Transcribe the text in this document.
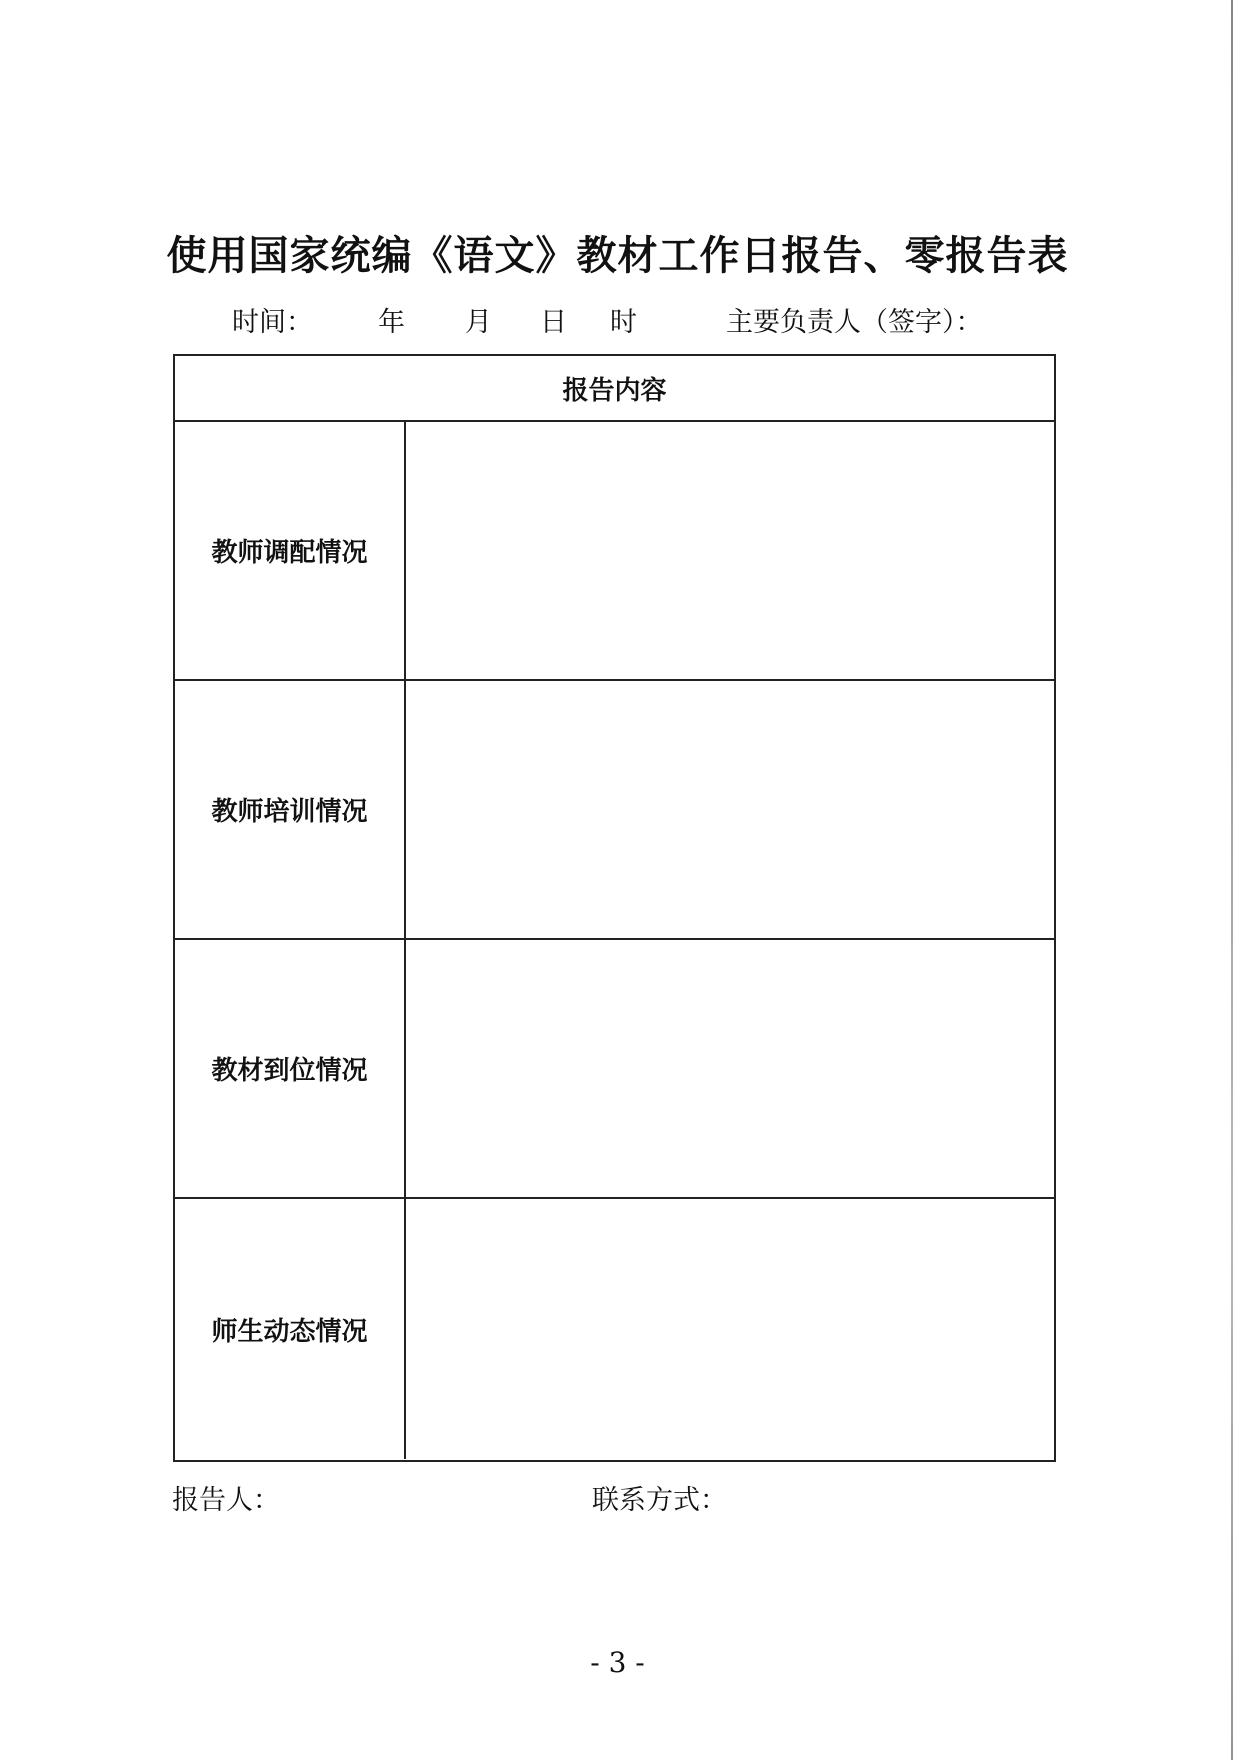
使用国家统编《语文》教材工作日报告、零报告表
时间： 年 月 日 时	主要负责人（签字）：
报告内容
教师调配情况
教师培训情况
教材到位情况
师生动态情况
报告人：	联系方式：
- 3 -
